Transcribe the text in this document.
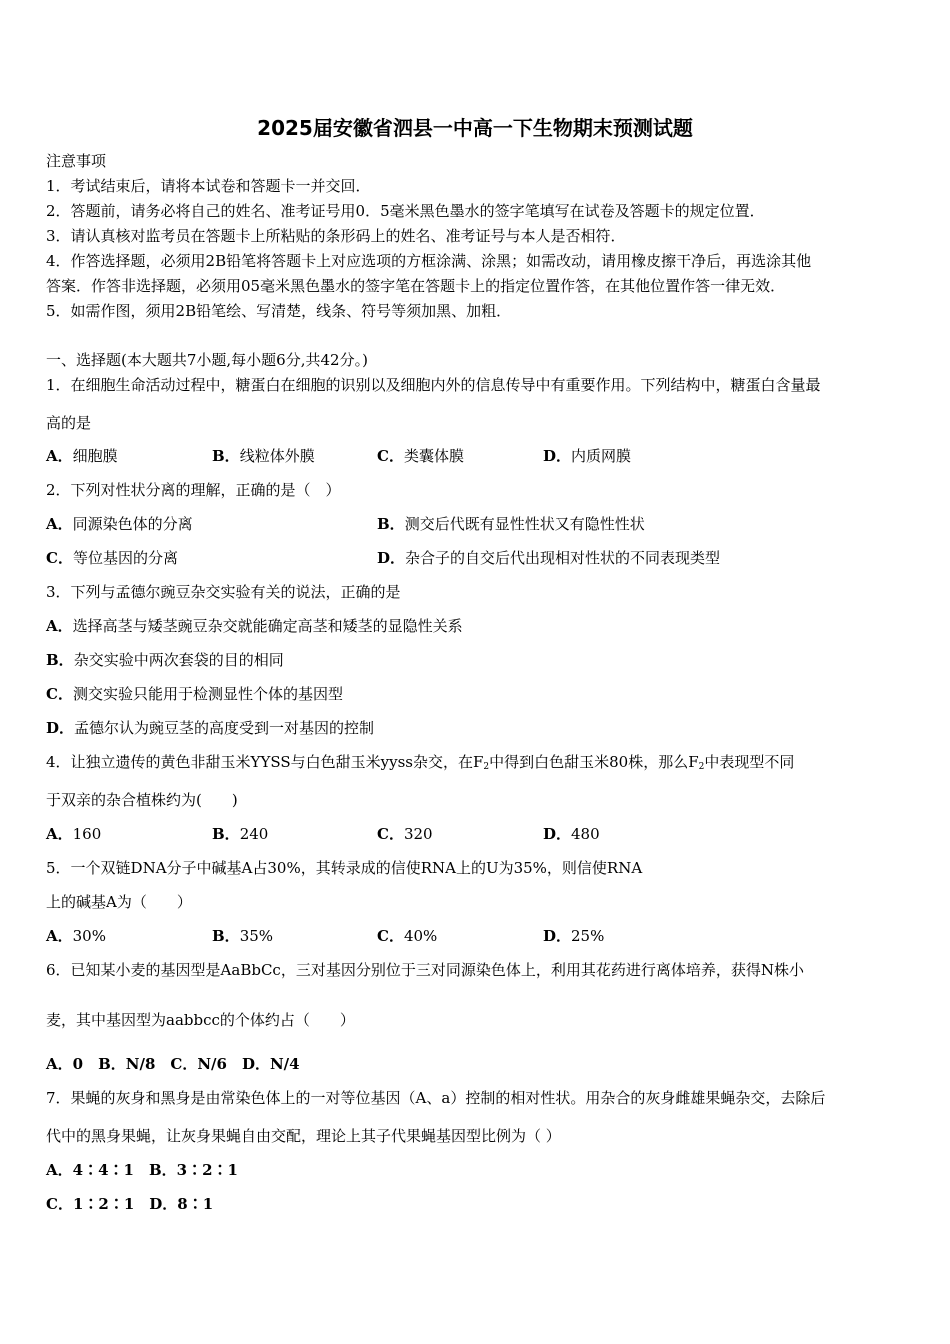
2025届安徽省泗县一中高一下生物期末预测试题
注意事项
1．考试结束后，请将本试卷和答题卡一并交回．
2．答题前，请务必将自己的姓名、准考证号用0．5毫米黑色墨水的签字笔填写在试卷及答题卡的规定位置．
3．请认真核对监考员在答题卡上所粘贴的条形码上的姓名、准考证号与本人是否相符．
4．作答选择题，必须用2B铅笔将答题卡上对应选项的方框涂满、涂黑；如需改动，请用橡皮擦干净后，再选涂其他
答案．作答非选择题，必须用05毫米黑色墨水的签字笔在答题卡上的指定位置作答，在其他位置作答一律无效．
5．如需作图，须用2B铅笔绘、写清楚，线条、符号等须加黑、加粗．
一、选择题(本大题共7小题,每小题6分,共42分。)
1．在细胞生命活动过程中，糖蛋白在细胞的识别以及细胞内外的信息传导中有重要作用。下列结构中，糖蛋白含量最
高的是
A．细胞膜	B．线粒体外膜	C．类囊体膜	D．内质网膜
2．下列对性状分离的理解，正确的是（　）
A．同源染色体的分离	B．测交后代既有显性性状又有隐性性状
C．等位基因的分离	D．杂合子的自交后代出现相对性状的不同表现类型
3．下列与孟德尔豌豆杂交实验有关的说法，正确的是
A．选择高茎与矮茎豌豆杂交就能确定高茎和矮茎的显隐性关系
B．杂交实验中两次套袋的目的相同
C．测交实验只能用于检测显性个体的基因型
D．孟德尔认为豌豆茎的高度受到一对基因的控制
4．让独立遗传的黄色非甜玉米YYSS与白色甜玉米yyss杂交，在$F_2$中得到白色甜玉米80株，那么$F_2$中表现型不同
于双亲的杂合植株约为(　　)
A．160	B．240	C．320	D．480
5．一个双链DNA分子中碱基A占30%，其转录成的信使RNA上的U为35%，则信使RNA
上的碱基A为（　　）
A．30%	B．35%	C．40%	D．25%
6．已知某小麦的基因型是AaBbCc，三对基因分别位于三对同源染色体上，利用其花药进行离体培养，获得N株小
麦，其中基因型为aabbcc的个体约占（　　）
A．0　B．N/8　C．N/6　D．N/4
7．果蝇的灰身和黑身是由常染色体上的一对等位基因（A、a）控制的相对性状。用杂合的灰身雌雄果蝇杂交，去除后
代中的黑身果蝇，让灰身果蝇自由交配，理论上其子代果蝇基因型比例为（ ）
A．4∶4∶1　B．3∶2∶1
C．1∶2∶1　D．8∶1
